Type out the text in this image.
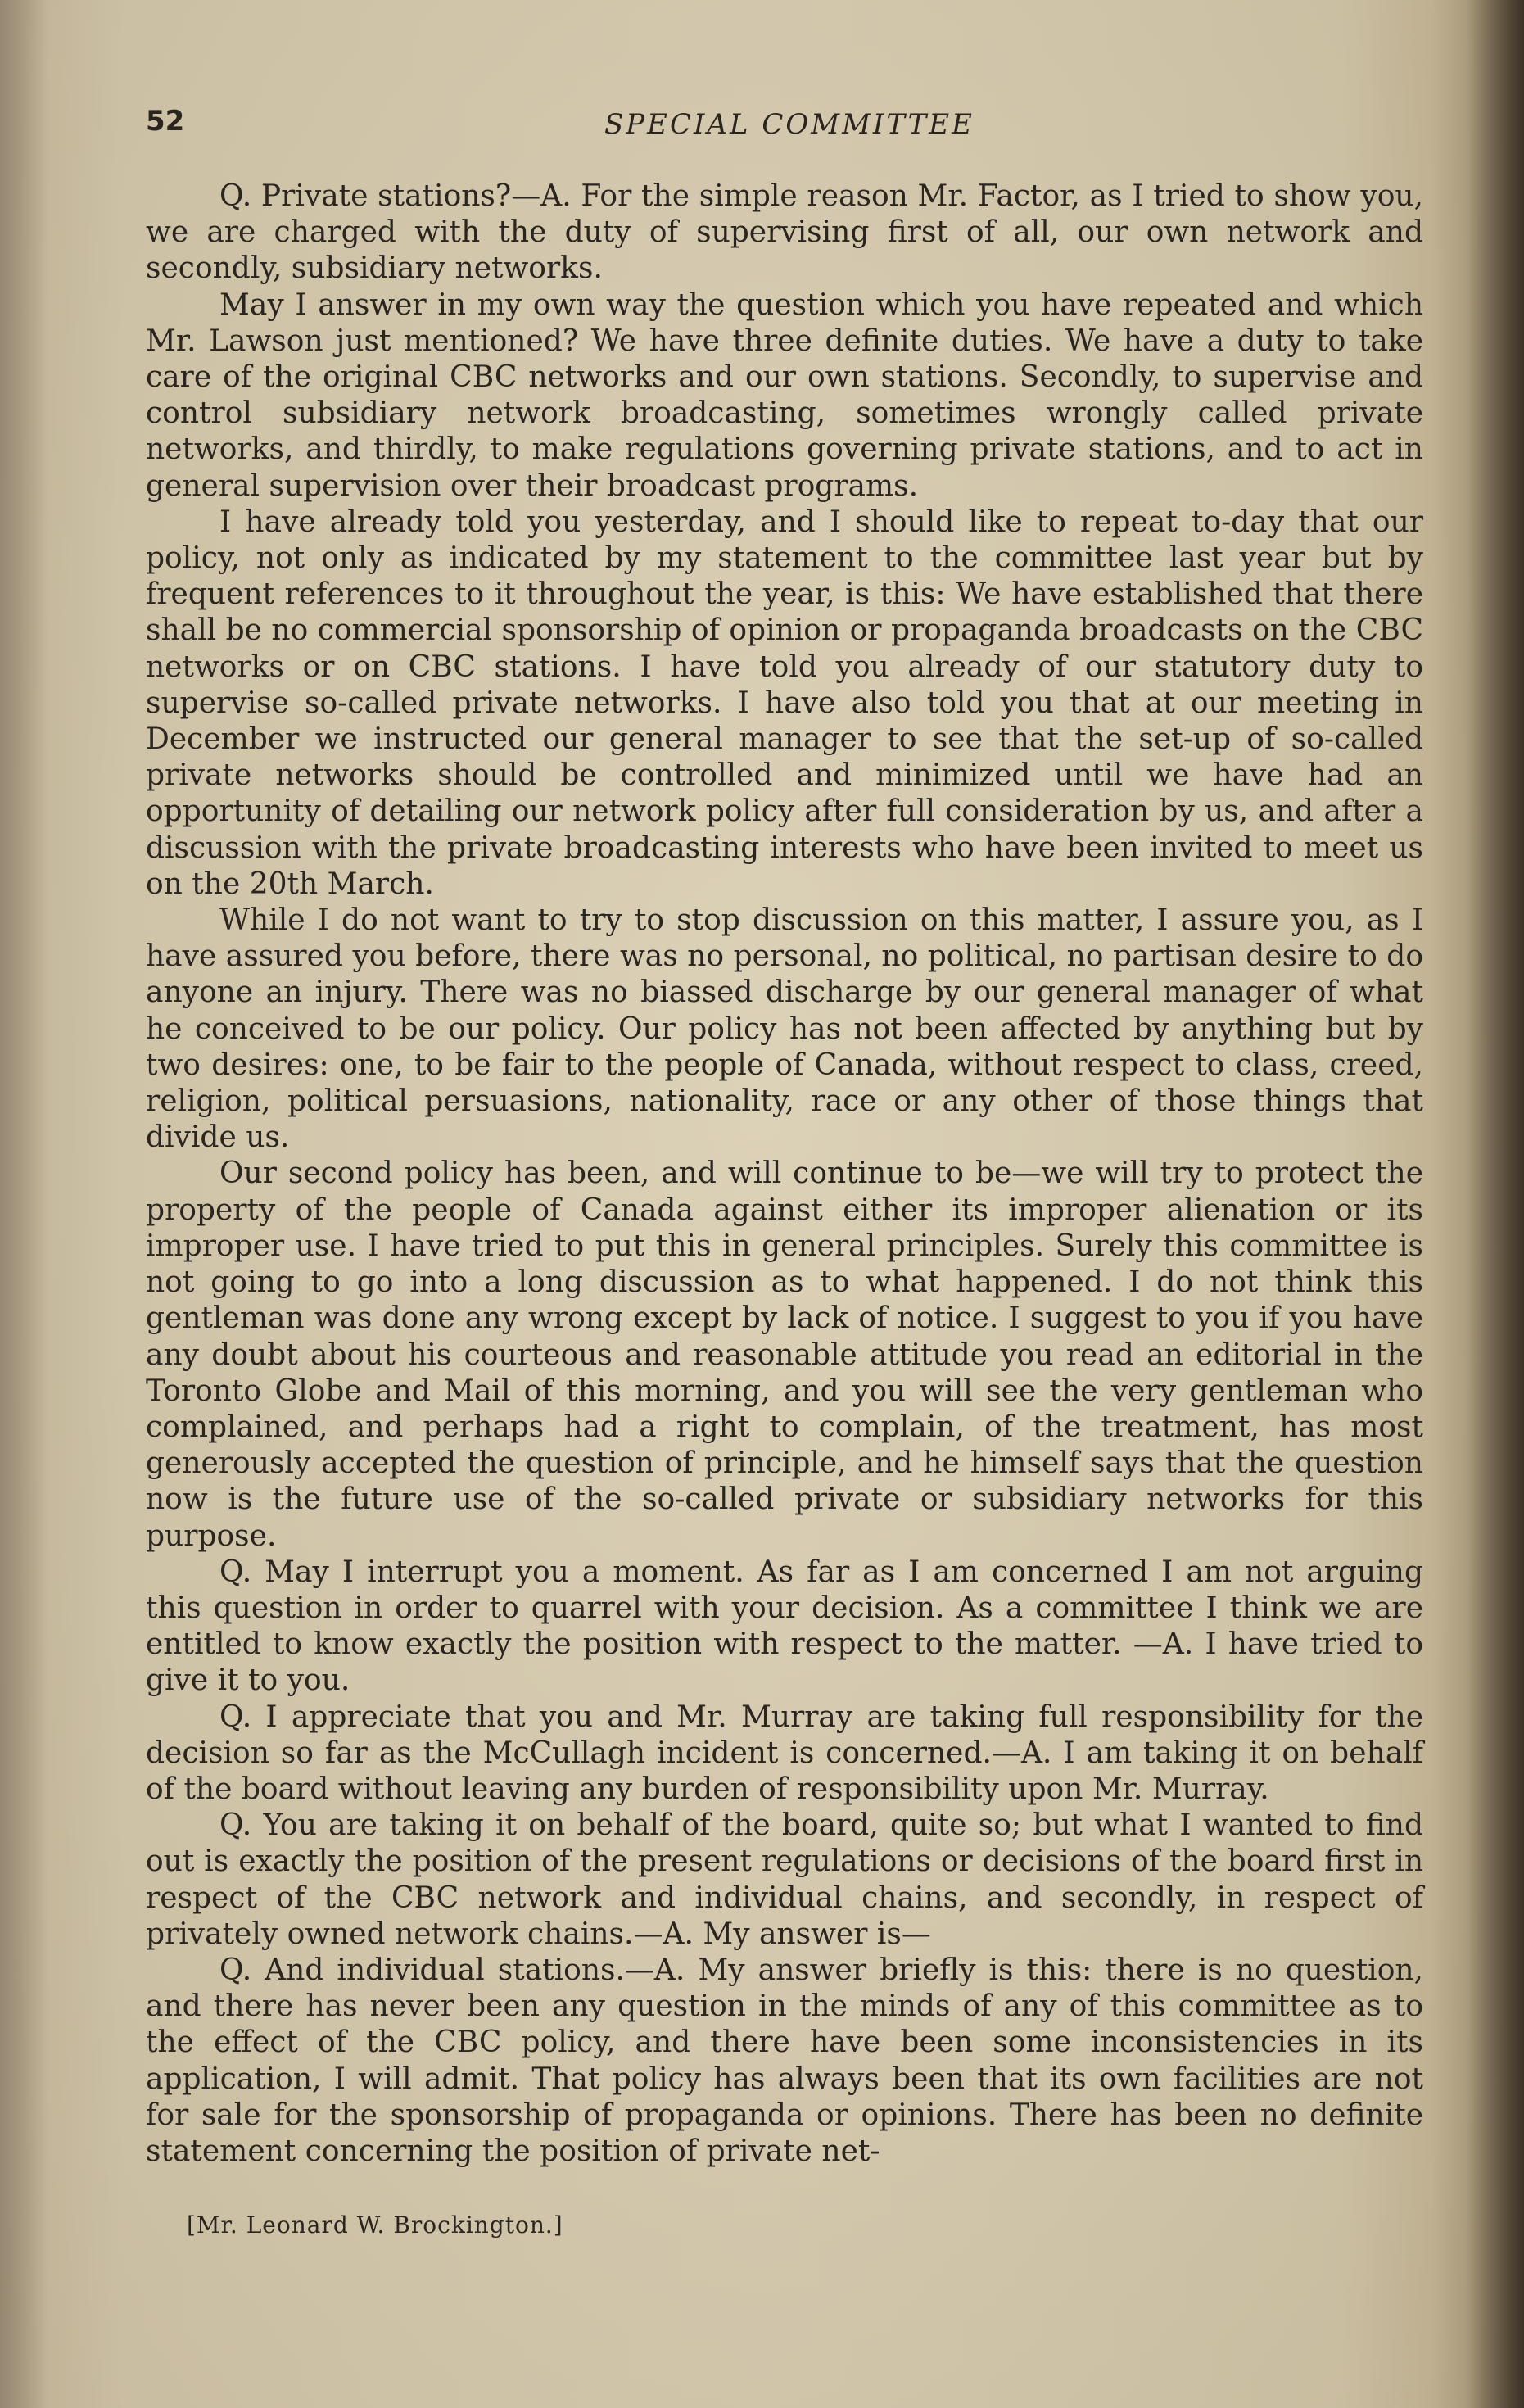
52	SPECIAL COMMITTEE

Q. Private stations?—A. For the simple reason Mr. Factor, as I tried to show you, we are charged with the duty of supervising first of all, our own network and secondly, subsidiary networks.

May I answer in my own way the question which you have repeated and which Mr. Lawson just mentioned? We have three definite duties. We have a duty to take care of the original CBC networks and our own stations. Secondly, to supervise and control subsidiary network broadcasting, sometimes wrongly called private networks, and thirdly, to make regulations governing private stations, and to act in general supervision over their broadcast programs.

I have already told you yesterday, and I should like to repeat to-day that our policy, not only as indicated by my statement to the committee last year but by frequent references to it throughout the year, is this: We have established that there shall be no commercial sponsorship of opinion or propaganda broadcasts on the CBC networks or on CBC stations. I have told you already of our statutory duty to supervise so-called private networks. I have also told you that at our meeting in December we instructed our general manager to see that the set-up of so-called private networks should be controlled and minimized until we have had an opportunity of detailing our network policy after full consideration by us, and after a discussion with the private broadcasting interests who have been invited to meet us on the 20th March.

While I do not want to try to stop discussion on this matter, I assure you, as I have assured you before, there was no personal, no political, no partisan desire to do anyone an injury. There was no biassed discharge by our general manager of what he conceived to be our policy. Our policy has not been affected by anything but by two desires: one, to be fair to the people of Canada, without respect to class, creed, religion, political persuasions, nationality, race or any other of those things that divide us.

Our second policy has been, and will continue to be—we will try to protect the property of the people of Canada against either its improper alienation or its improper use. I have tried to put this in general principles. Surely this committee is not going to go into a long discussion as to what happened. I do not think this gentleman was done any wrong except by lack of notice. I suggest to you if you have any doubt about his courteous and reasonable attitude you read an editorial in the Toronto Globe and Mail of this morning, and you will see the very gentleman who complained, and perhaps had a right to complain, of the treatment, has most generously accepted the question of principle, and he himself says that the question now is the future use of the so-called private or subsidiary networks for this purpose.

Q. May I interrupt you a moment. As far as I am concerned I am not arguing this question in order to quarrel with your decision. As a committee I think we are entitled to know exactly the position with respect to the matter. —A. I have tried to give it to you.

Q. I appreciate that you and Mr. Murray are taking full responsibility for the decision so far as the McCullagh incident is concerned.—A. I am taking it on behalf of the board without leaving any burden of responsibility upon Mr. Murray.

Q. You are taking it on behalf of the board, quite so; but what I wanted to find out is exactly the position of the present regulations or decisions of the board first in respect of the CBC network and individual chains, and secondly, in respect of privately owned network chains.—A. My answer is—

Q. And individual stations.—A. My answer briefly is this: there is no question, and there has never been any question in the minds of any of this committee as to the effect of the CBC policy, and there have been some inconsistencies in its application, I will admit. That policy has always been that its own facilities are not for sale for the sponsorship of propaganda or opinions. There has been no definite statement concerning the position of private net-

[Mr. Leonard W. Brockington.]
